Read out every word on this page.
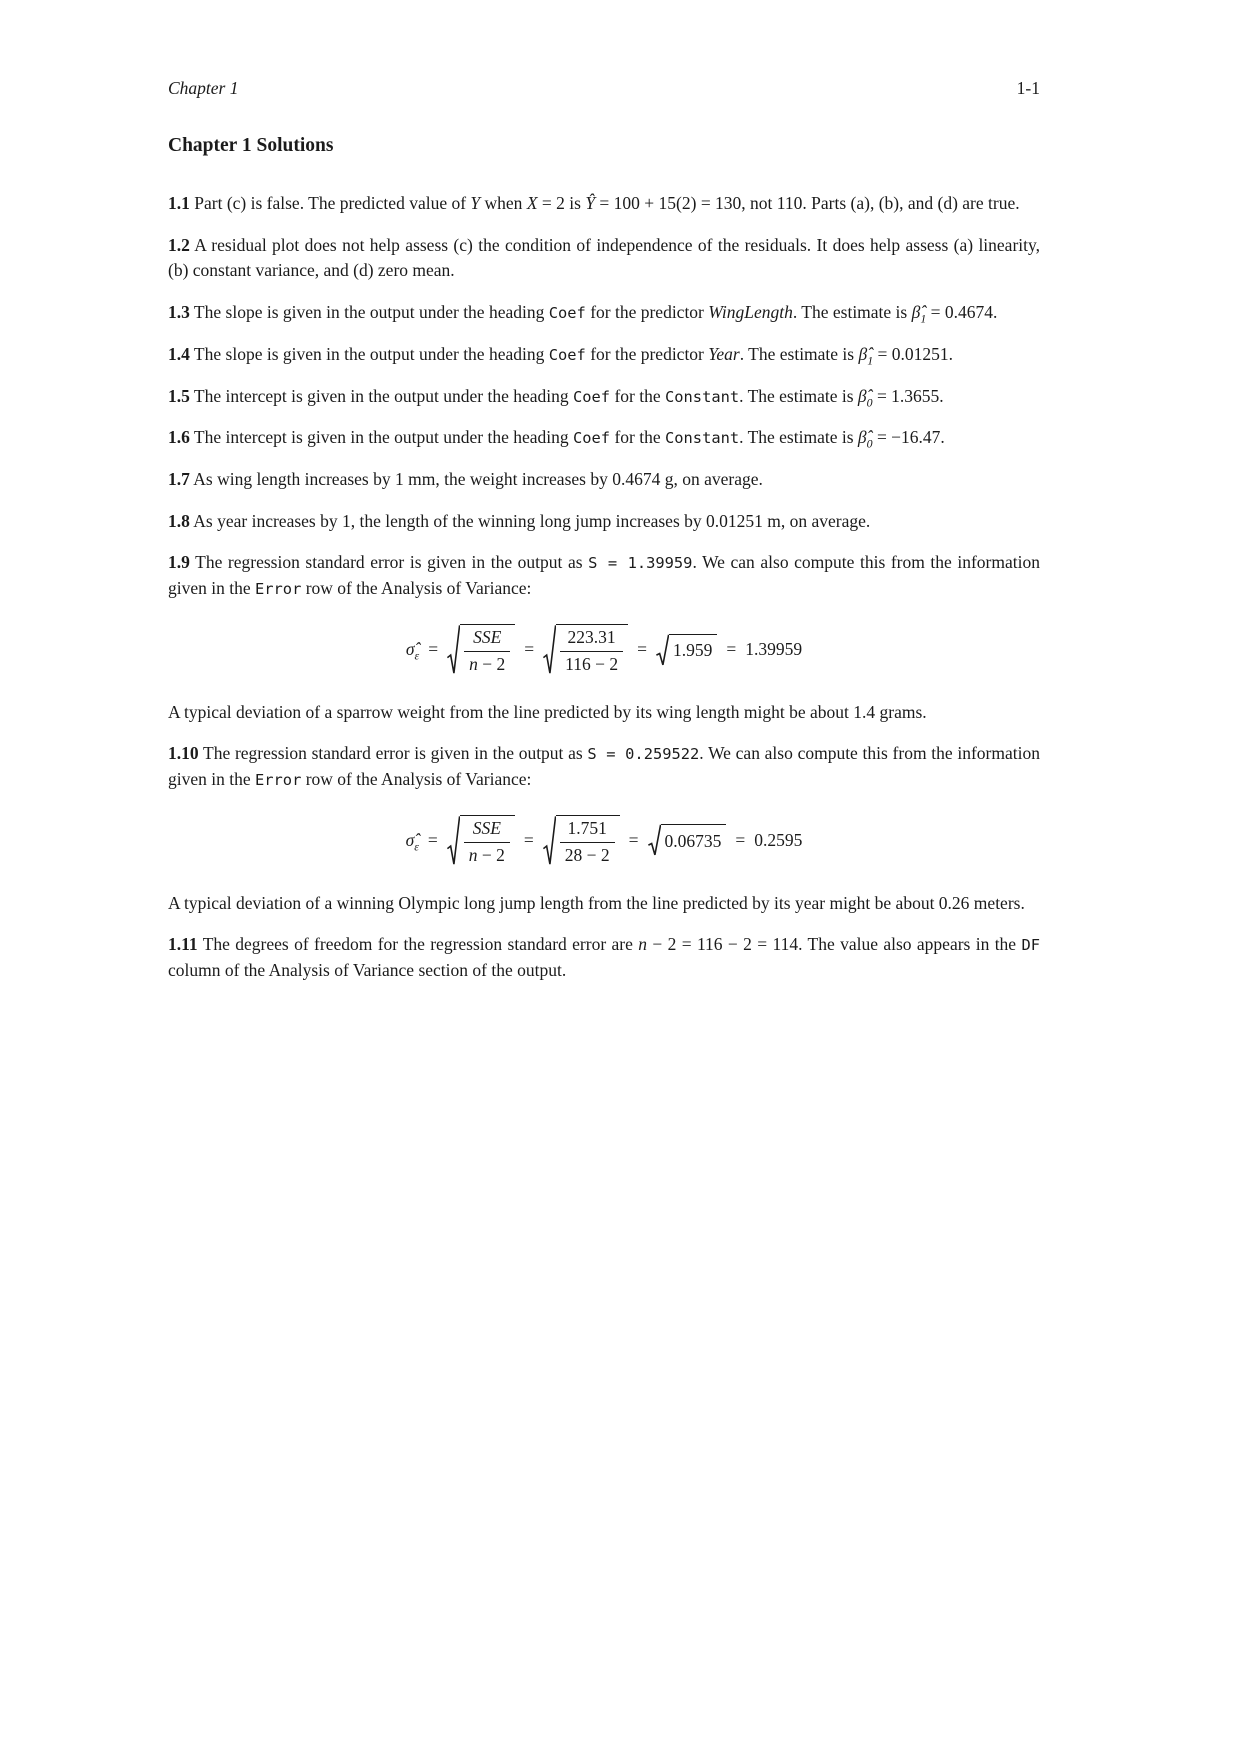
Chapter 1	1-1
Chapter 1 Solutions

1.1 Part (c) is false. The predicted value of Y when X = 2 is Ŷ = 100 + 15(2) = 130, not 110. Parts (a), (b), and (d) are true.

1.2 A residual plot does not help assess (c) the condition of independence of the residuals. It does help assess (a) linearity, (b) constant variance, and (d) zero mean.

1.3 The slope is given in the output under the heading Coef for the predictor WingLength. The estimate is $\betâ_1 = 0.4674$.

1.4 The slope is given in the output under the heading Coef for the predictor Year. The estimate is $\betâ_1 = 0.01251$.

1.5 The intercept is given in the output under the heading Coef for the Constant. The estimate is $\betâ_0 = 1.3655$.

1.6 The intercept is given in the output under the heading Coef for the Constant. The estimate is $\betâ_0 = -16.47$.

1.7 As wing length increases by 1 mm, the weight increases by 0.4674 g, on average.

1.8 As year increases by 1, the length of the winning long jump increases by 0.01251 m, on average.

1.9 The regression standard error is given in the output as S = 1.39959. We can also compute this from the information given in the Error row of the Analysis of Variance:

$\sigmâ_\varepsilon = \frac{\text{SSE}}{n - 2} = \frac{223.31}{116 - 2} = 1.959 = 1.39959$

A typical deviation of a sparrow weight from the line predicted by its wing length might be about 1.4 grams.

1.10 The regression standard error is given in the output as S = 0.259522. We can also compute this from the information given in the Error row of the Analysis of Variance:

$\sigmâ_\varepsilon = \frac{\text{SSE}}{n - 2} = \frac{1.751}{28 - 2} = 0.06735 = 0.2595$

A typical deviation of a winning Olympic long jump length from the line predicted by its year might be about 0.26 meters.

1.11 The degrees of freedom for the regression standard error are n − 2 = 116 − 2 = 114. The value also appears in the DF column of the Analysis of Variance section of the output.
